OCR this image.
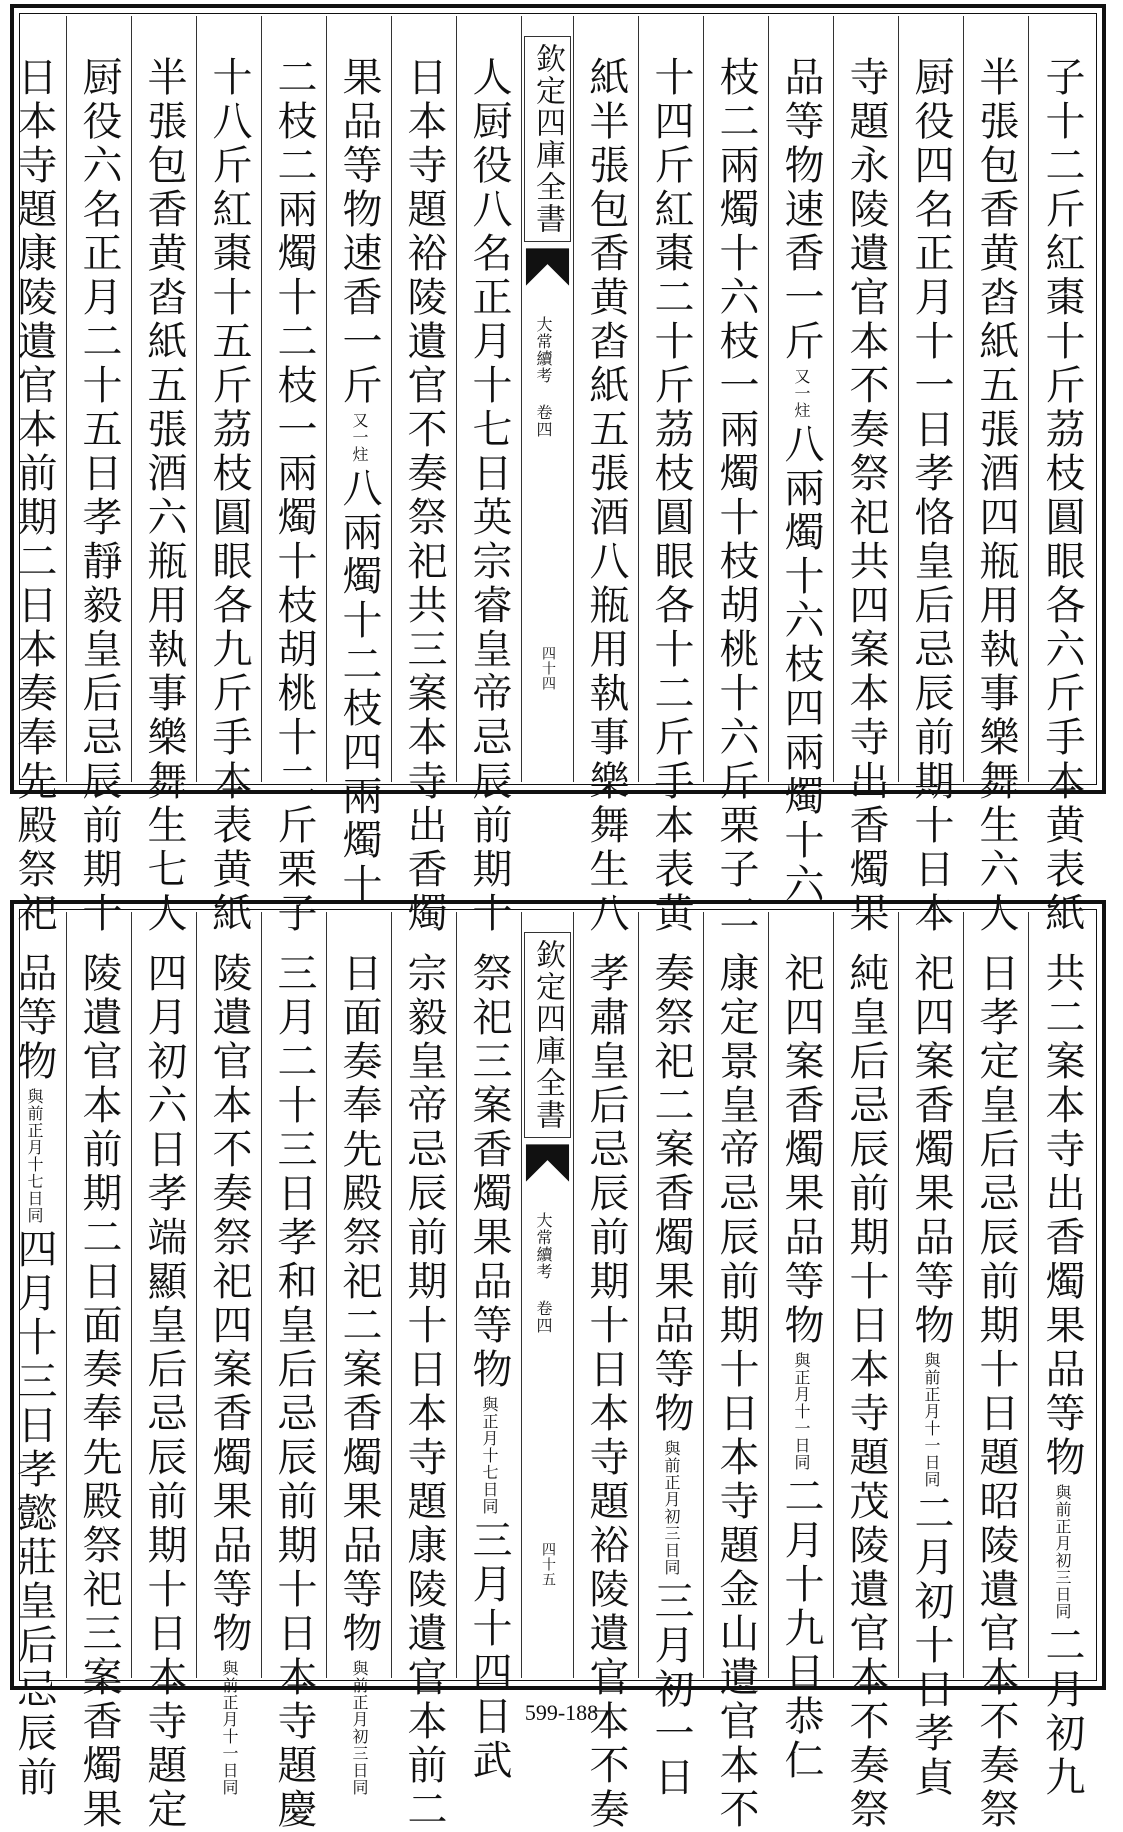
子十二斤紅棗十斤茘枝圓眼各六斤手本黄表紙
半張包香黄㳫紙五張酒四瓶用執事樂舞生六人
厨役四名正月十一日孝恪皇后忌辰前期十日本
寺題永陵遺官本不奏祭祀共四案本寺出香燭果
品等物速香一斤又一炷八兩燭十六枝四兩燭十六
枝二兩燭十六枝一兩燭十枝胡桃十六斤栗子二
十四斤紅棗二十斤茘枝圓眼各十二斤手本表黄
紙半張包香黄㳫紙五張酒八瓶用執事樂舞生八
欽定四庫全書
大常續考 卷四
四十四
人厨役八名正月十七日英宗睿皇帝忌辰前期十
日本寺題裕陵遺官不奏祭祀共三案本寺出香燭
果品等物速香一斤又一炷八兩燭十二枝四兩燭十
二枝二兩燭十二枝一兩燭十枝胡桃十二斤栗子
十八斤紅棗十五斤茘枝圓眼各九斤手本表黄紙
半張包香黄㳫紙五張酒六瓶用執事樂舞生七人
厨役六名正月二十五日孝靜毅皇后忌辰前期十
日本寺題康陵遺官本前期二日本奏奉先殿祭祀
共二案本寺出香燭果品等物與前正月初三日同二月初九
日孝定皇后忌辰前期十日題昭陵遺官本不奏祭
祀四案香燭果品等物與前正月十一日同二月初十日孝貞
純皇后忌辰前期十日本寺題茂陵遺官本不奏祭
祀四案香燭果品等物與正月十一日同二月十九日恭仁
康定景皇帝忌辰前期十日本寺題金山遺官本不
奏祭祀二案香燭果品等物與前正月初三日同三月初一日
孝肅皇后忌辰前期十日本寺題裕陵遺官本不奏
欽定四庫全書
大常續考 卷四
四十五
祭祀三案香燭果品等物與正月十七日同三月十四日武
宗毅皇帝忌辰前期十日本寺題康陵遺官本前二
日面奏奉先殿祭祀二案香燭果品等物與前正月初三日同
三月二十三日孝和皇后忌辰前期十日本寺題慶
陵遺官本不奏祭祀四案香燭果品等物與前正月十一日同
四月初六日孝端顯皇后忌辰前期十日本寺題定
陵遺官本前期二日面奏奉先殿祭祀三案香燭果
品等物與前正月十七日同四月十三日孝懿莊皇后忌辰前	599-188
